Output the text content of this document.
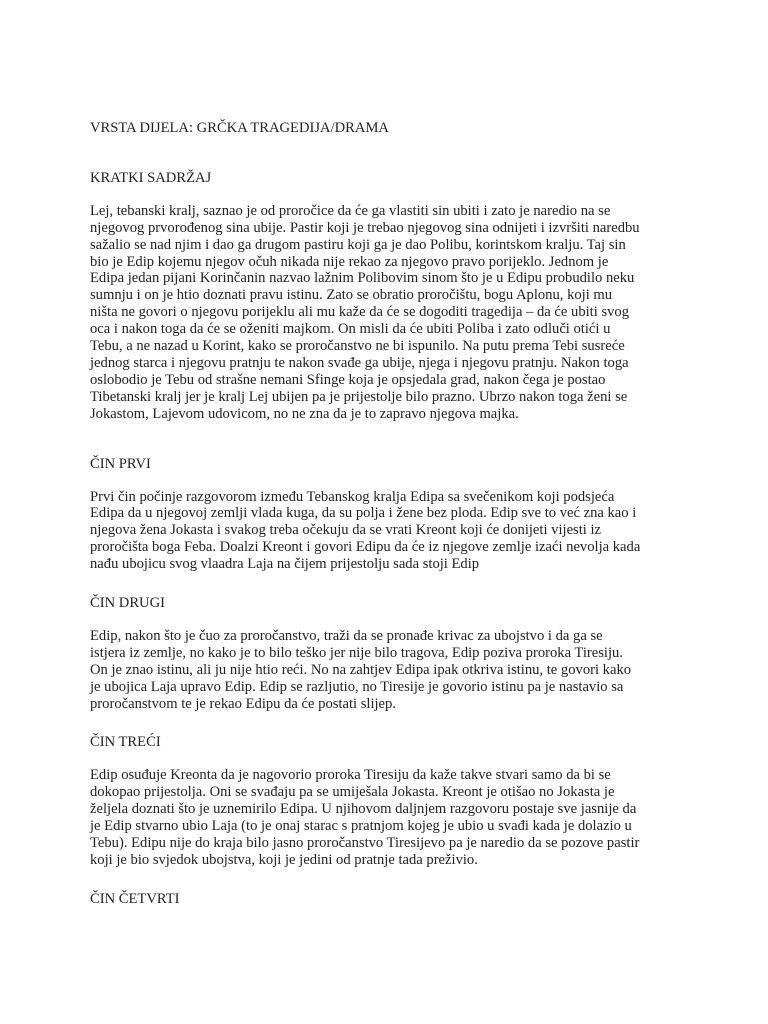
VRSTA DIJELA: GRČKA TRAGEDIJA/DRAMA
KRATKI SADRŽAJ

Lej, tebanski kralj, saznao je od proročice da će ga vlastiti sin ubiti i zato je naredio na se
njegovog prvorođenog sina ubije. Pastir koji je trebao njegovog sina odnijeti i izvršiti naredbu
sažalio se nad njim i dao ga drugom pastiru koji ga je dao Polibu, korintskom kralju. Taj sin
bio je Edip kojemu njegov očuh nikada nije rekao za njegovo pravo porijeklo. Jednom je
Edipa jedan pijani Korinčanin nazvao lažnim Polibovim sinom što je u Edipu probudilo neku
sumnju i on je htio doznati pravu istinu. Zato se obratio proročištu, bogu Aplonu, koji mu
ništa ne govori o njegovu porijeklu ali mu kaže da će se dogoditi tragedija – da će ubiti svog
oca i nakon toga da će se oženiti majkom. On misli da će ubiti Poliba i zato odluči otići u
Tebu, a ne nazad u Korint, kako se proročanstvo ne bi ispunilo. Na putu prema Tebi susreće
jednog starca i njegovu pratnju te nakon svađe ga ubije, njega i njegovu pratnju. Nakon toga
oslobodio je Tebu od strašne nemani Sfinge koja je opsjedala grad, nakon čega je postao
Tibetanski kralj jer je kralj Lej ubijen pa je prijestolje bilo prazno. Ubrzo nakon toga ženi se
Jokastom, Lajevom udovicom, no ne zna da je to zapravo njegova majka.

ČIN PRVI

Prvi čin počinje razgovorom između Tebanskog kralja Edipa sa svečenikom koji podsjeća
Edipa da u njegovoj zemlji vlada kuga, da su polja i žene bez ploda. Edip sve to već zna kao i
njegova žena Jokasta i svakog treba očekuju da se vrati Kreont koji će donijeti vijesti iz
proročišta boga Feba. Doalzi Kreont i govori Edipu da će iz njegove zemlje izaći nevolja kada
nađu ubojicu svog vlaadra Laja na čijem prijestolju sada stoji Edip

ČIN DRUGI

Edip, nakon što je čuo za proročanstvo, traži da se pronađe krivac za ubojstvo i da ga se
istjera iz zemlje, no kako je to bilo teško jer nije bilo tragova, Edip poziva proroka Tiresiju.
On je znao istinu, ali ju nije htio reći. No na zahtjev Edipa ipak otkriva istinu, te govori kako
je ubojica Laja upravo Edip. Edip se razljutio, no Tiresije je govorio istinu pa je nastavio sa
proročanstvom te je rekao Edipu da će postati slijep.

ČIN TREĆI

Edip osuđuje Kreonta da je nagovorio proroka Tiresiju da kaže takve stvari samo da bi se
dokopao prijestolja. Oni se svađaju pa se umiješala Jokasta. Kreont je otišao no Jokasta je
željela doznati što je uznemirilo Edipa. U njihovom daljnjem razgovoru postaje sve jasnije da
je Edip stvarno ubio Laja (to je onaj starac s pratnjom kojeg je ubio u svađi kada je dolazio u
Tebu). Edipu nije do kraja bilo jasno proročanstvo Tiresijevo pa je naredio da se pozove pastir
koji je bio svjedok ubojstva, koji je jedini od pratnje tada preživio.

ČIN ČETVRTI
